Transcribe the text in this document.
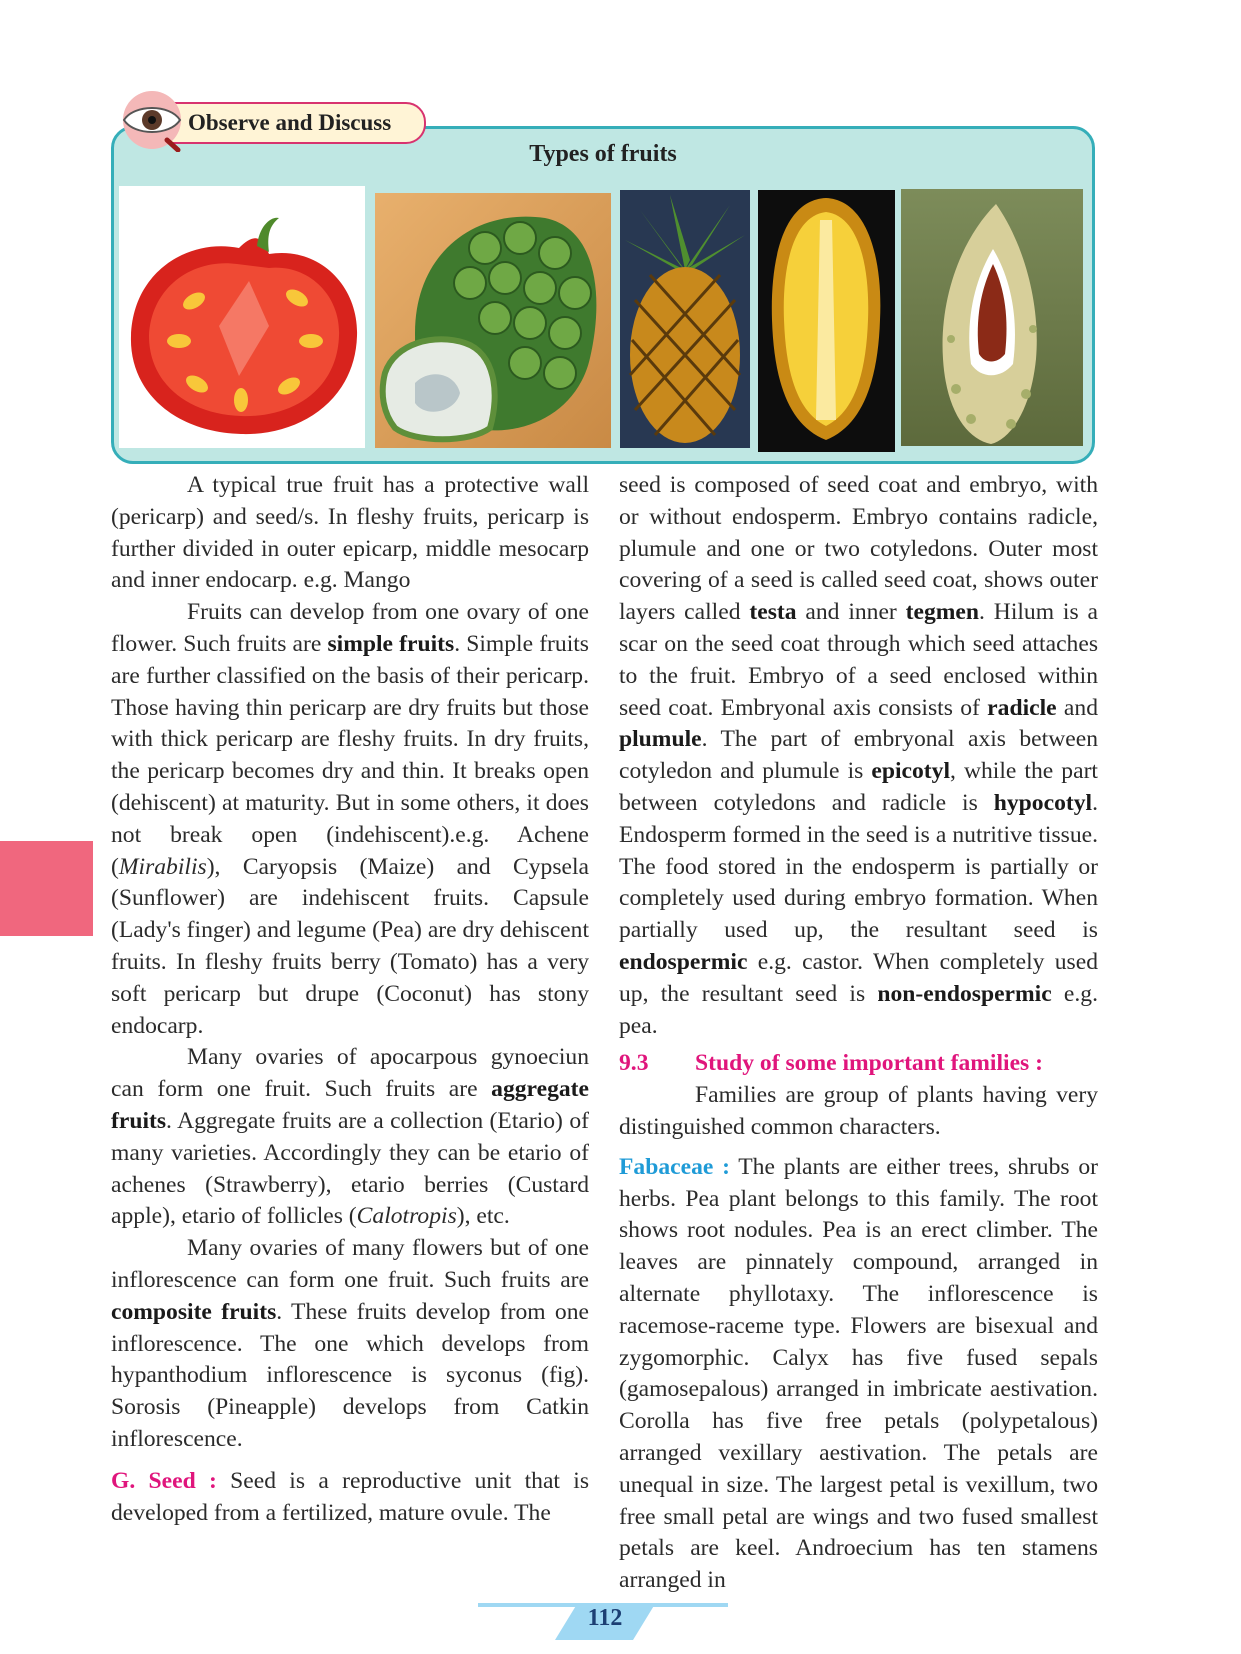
Types of fruits
Observe and Discuss

A typical true fruit has a protective wall (pericarp) and seed/s. In fleshy fruits, pericarp is further divided in outer epicarp, middle mesocarp and inner endocarp. e.g. Mango

Fruits can develop from one ovary of one flower. Such fruits are simple fruits. Simple fruits are further classified on the basis of their pericarp. Those having thin pericarp are dry fruits but those with thick pericarp are fleshy fruits. In dry fruits, the pericarp becomes dry and thin. It breaks open (dehiscent) at maturity. But in some others, it does not break open (indehiscent).e.g. Achene (Mirabilis), Caryopsis (Maize) and Cypsela (Sunflower) are indehiscent fruits. Capsule (Lady's finger) and legume (Pea) are dry dehiscent fruits. In fleshy fruits berry (Tomato) has a very soft pericarp but drupe (Coconut) has stony endocarp.

Many ovaries of apocarpous gynoeciun can form one fruit. Such fruits are aggregate fruits. Aggregate fruits are a collection (Etario) of many varieties. Accordingly they can be etario of achenes (Strawberry), etario berries (Custard apple), etario of follicles (Calotropis), etc.

Many ovaries of many flowers but of one inflorescence can form one fruit. Such fruits are composite fruits. These fruits develop from one inflorescence. The one which develops from hypanthodium inflorescence is syconus (fig). Sorosis (Pineapple) develops from Catkin inflorescence.

G. Seed : Seed is a reproductive unit that is developed from a fertilized, mature ovule. The

seed is composed of seed coat and embryo, with or without endosperm. Embryo contains radicle, plumule and one or two cotyledons. Outer most covering of a seed is called seed coat, shows outer layers called testa and inner tegmen. Hilum is a scar on the seed coat through which seed attaches to the fruit. Embryo of a seed enclosed within seed coat. Embryonal axis consists of radicle and plumule. The part of embryonal axis between cotyledon and plumule is epicotyl, while the part between cotyledons and radicle is hypocotyl. Endosperm formed in the seed is a nutritive tissue. The food stored in the endosperm is partially or completely used during embryo formation. When partially used up, the resultant seed is endospermic e.g. castor. When completely used up, the resultant seed is non-endospermic e.g. pea.

9.3 Study of some important families :

Families are group of plants having very distinguished common characters.

Fabaceae : The plants are either trees, shrubs or herbs. Pea plant belongs to this family. The root shows root nodules. Pea is an erect climber. The leaves are pinnately compound, arranged in alternate phyllotaxy. The inflorescence is racemose-raceme type. Flowers are bisexual and zygomorphic. Calyx has five fused sepals (gamosepalous) arranged in imbricate aestivation. Corolla has five free petals (polypetalous) arranged vexillary aestivation. The petals are unequal in size. The largest petal is vexillum, two free small petal are wings and two fused smallest petals are keel. Androecium has ten stamens arranged in

112
